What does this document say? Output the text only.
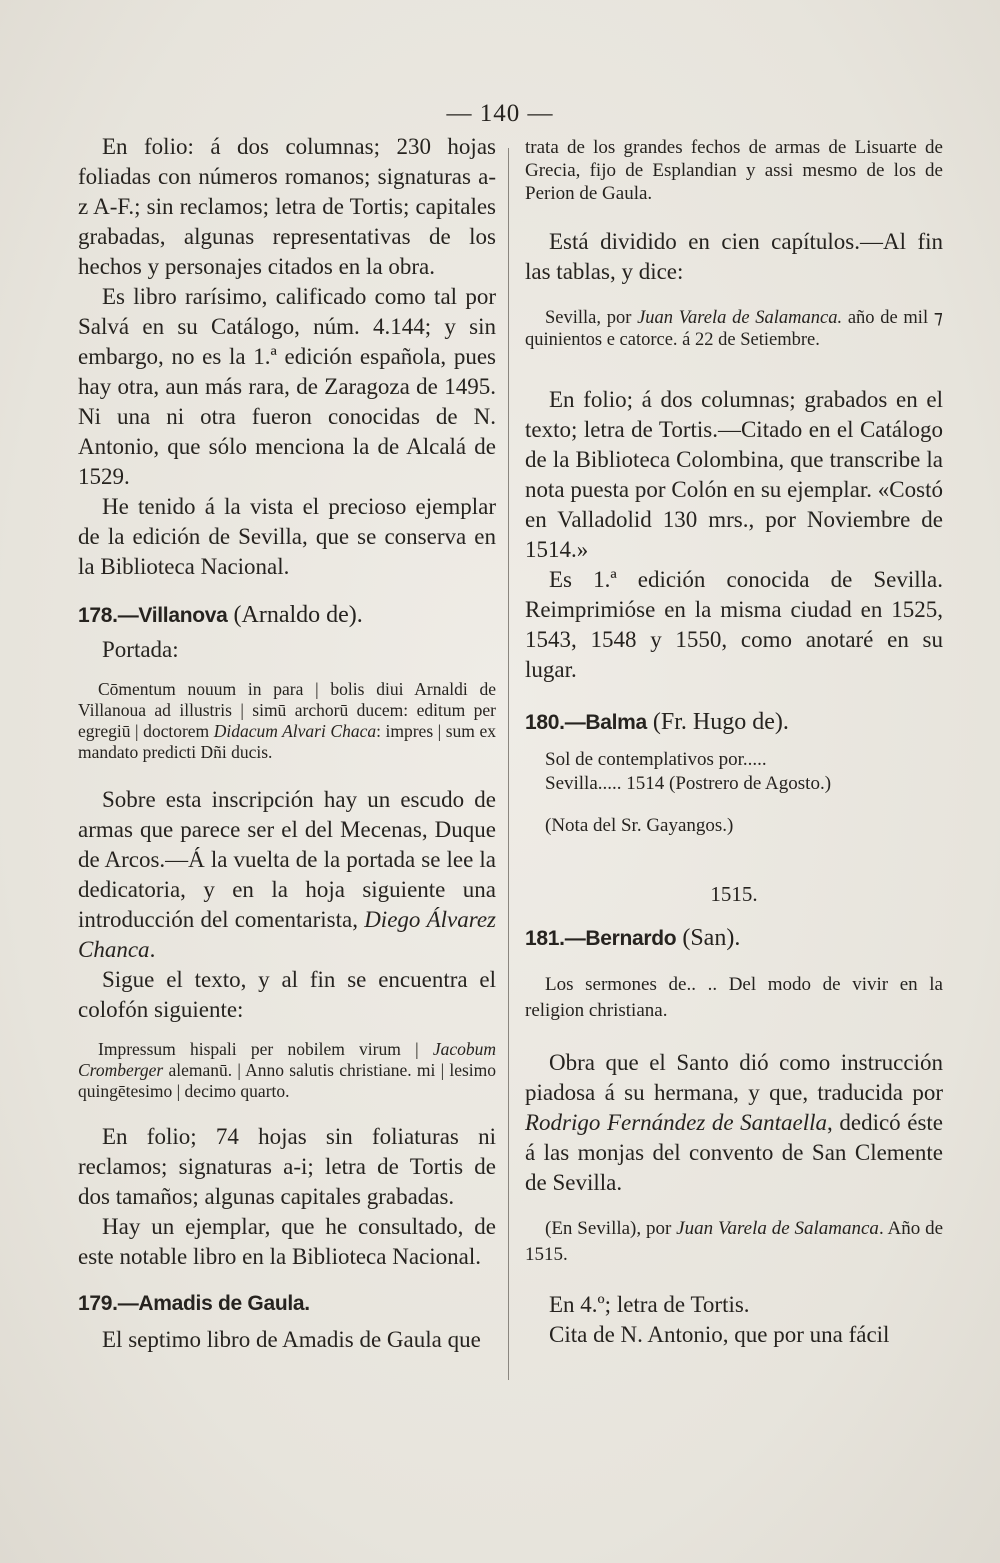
— 140 —

En folio: á dos columnas; 230 hojas foliadas con números romanos; signaturas a-z A-F.; sin reclamos; letra de Tortis; capitales grabadas, algunas representativas de los hechos y personajes citados en la obra.

Es libro rarísimo, calificado como tal por Salvá en su Catálogo, núm. 4.144; y sin embargo, no es la 1.ª edición española, pues hay otra, aun más rara, de Zaragoza de 1495. Ni una ni otra fueron conocidas de N. Antonio, que sólo menciona la de Alcalá de 1529.

He tenido á la vista el precioso ejemplar de la edición de Sevilla, que se conserva en la Biblioteca Nacional.

178.—Villanova (Arnaldo de).

Portada:

Cōmentum nouum in para | bolis diui Arnaldi de Villanoua ad illustris | simū archorū ducem: editum per egregiū | doctorem Didacum Alvari Chaca: impres | sum ex mandato predicti Dñi ducis.

Sobre esta inscripción hay un escudo de armas que parece ser el del Mecenas, Duque de Arcos.—Á la vuelta de la portada se lee la dedicatoria, y en la hoja siguiente una introducción del comentarista, Diego Álvarez Chanca.

Sigue el texto, y al fin se encuentra el colofón siguiente:

Impressum hispali per nobilem virum | Jacobum Cromberger alemanū. | Anno salutis christiane. mi | lesimo quingētesimo | decimo quarto.

En folio; 74 hojas sin foliaturas ni reclamos; signaturas a-i; letra de Tortis de dos tamaños; algunas capitales grabadas.

Hay un ejemplar, que he consultado, de este notable libro en la Biblioteca Nacional.

179.—Amadis de Gaula.

El septimo libro de Amadis de Gaula que

trata de los grandes fechos de armas de Lisuarte de Grecia, fijo de Esplandian y assi mesmo de los de Perion de Gaula.

Está dividido en cien capítulos.—Al fin las tablas, y dice:

Sevilla, por Juan Varela de Salamanca. año de mil ⁊ quinientos e catorce. á 22 de Setiembre.

En folio; á dos columnas; grabados en el texto; letra de Tortis.—Citado en el Catálogo de la Biblioteca Colombina, que transcribe la nota puesta por Colón en su ejemplar. «Costó en Valladolid 130 mrs., por Noviembre de 1514.»

Es 1.ª edición conocida de Sevilla. Reimprimióse en la misma ciudad en 1525, 1543, 1548 y 1550, como anotaré en su lugar.

180.—Balma (Fr. Hugo de).

Sol de contemplativos por.....

Sevilla..... 1514 (Postrero de Agosto.)

(Nota del Sr. Gayangos.)

1515.

181.—Bernardo (San).

Los sermones de.. .. Del modo de vivir en la religion christiana.

Obra que el Santo dió como instrucción piadosa á su hermana, y que, traducida por Rodrigo Fernández de Santaella, dedicó éste á las monjas del convento de San Clemente de Sevilla.

(En Sevilla), por Juan Varela de Salamanca. Año de 1515.

En 4.º; letra de Tortis.

Cita de N. Antonio, que por una fácil
